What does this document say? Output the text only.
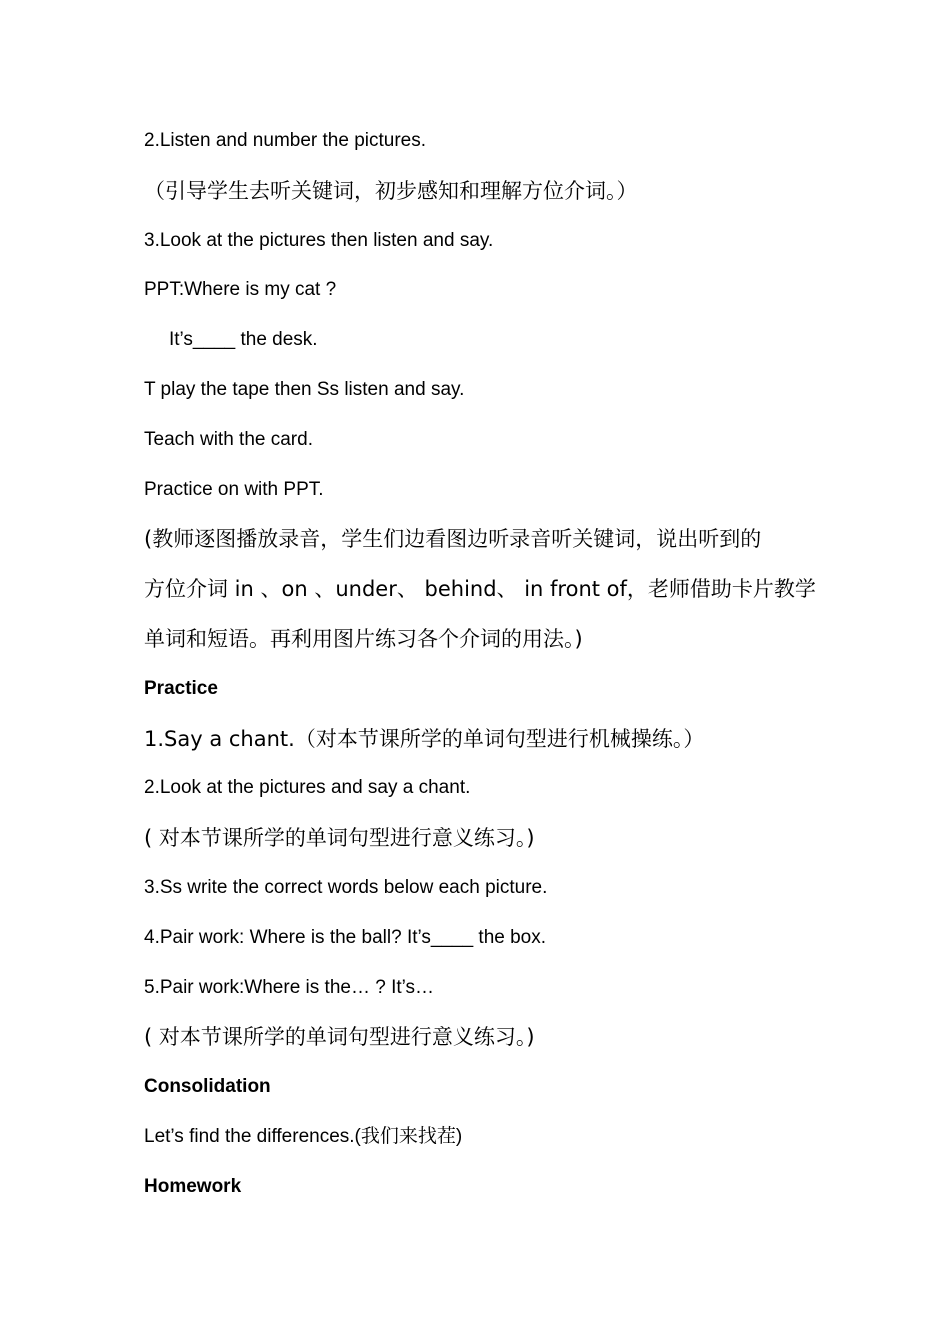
2.Listen and number the pictures.
（引导学生去听关键词，初步感知和理解方位介词。）
3.Look at the pictures then listen and say.
PPT:Where is my cat ?
It’s____ the desk.
T play the tape then Ss listen and say.
Teach with the card.
Practice on with PPT.
(教师逐图播放录音，学生们边看图边听录音听关键词，说出听到的
方位介词 in 、on 、under、 behind、 in front of，老师借助卡片教学
单词和短语。再利用图片练习各个介词的用法。)
Practice
1.Say a chant.（对本节课所学的单词句型进行机械操练。）
2.Look at the pictures and say a chant.
( 对本节课所学的单词句型进行意义练习。)
3.Ss write the correct words below each picture.
4.Pair work: Where is the ball? It’s____ the box.
5.Pair work:Where is the… ? It’s…
( 对本节课所学的单词句型进行意义练习。)
Consolidation
Let’s find the differences.(我们来找茬)
Homework
